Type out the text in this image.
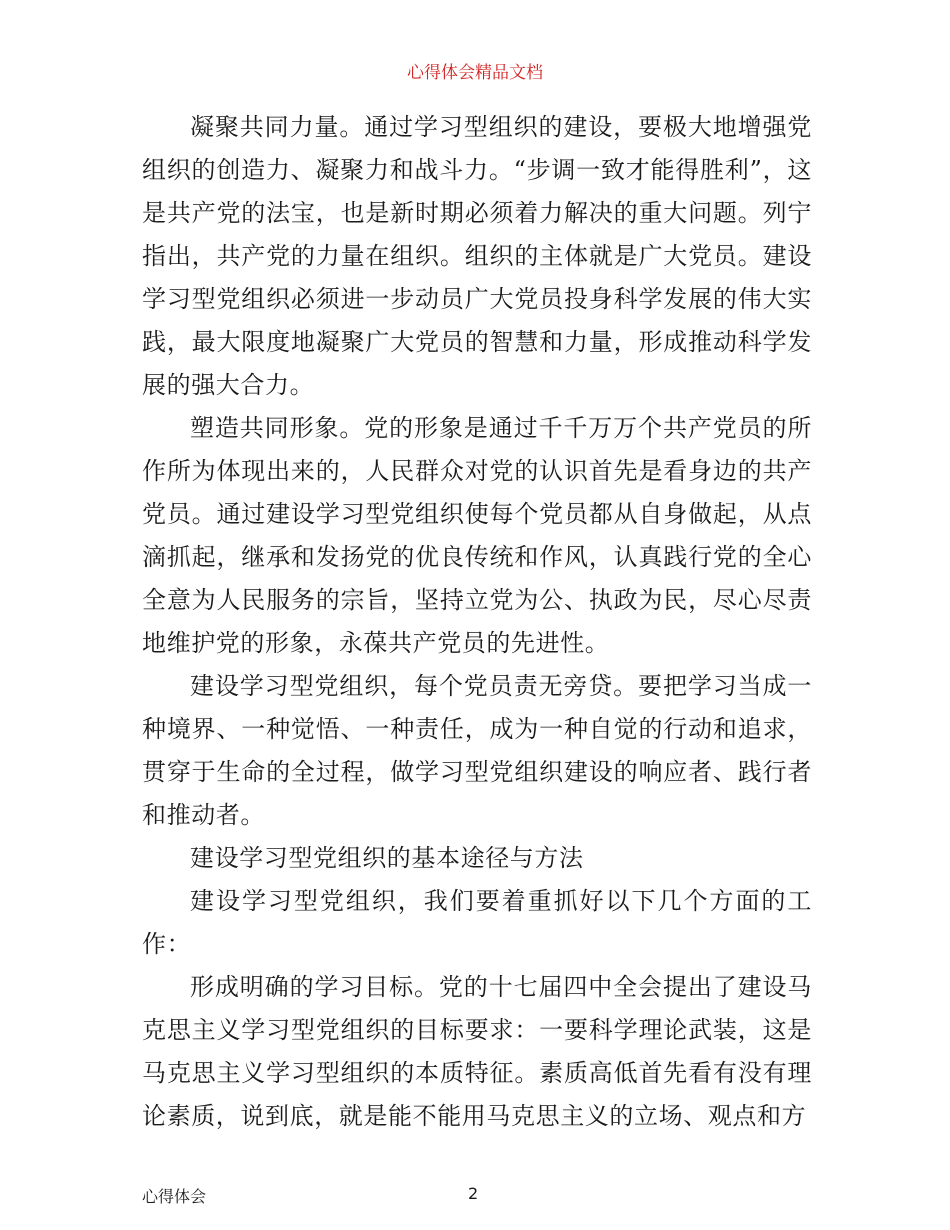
心得体会精品文档

凝聚共同力量。通过学习型组织的建设，要极大地增强党组织的创造力、凝聚力和战斗力。“步调一致才能得胜利”，这是共产党的法宝，也是新时期必须着力解决的重大问题。列宁指出，共产党的力量在组织。组织的主体就是广大党员。建设学习型党组织必须进一步动员广大党员投身科学发展的伟大实践，最大限度地凝聚广大党员的智慧和力量，形成推动科学发展的强大合力。

塑造共同形象。党的形象是通过千千万万个共产党员的所作所为体现出来的，人民群众对党的认识首先是看身边的共产党员。通过建设学习型党组织使每个党员都从自身做起，从点滴抓起，继承和发扬党的优良传统和作风，认真践行党的全心全意为人民服务的宗旨，坚持立党为公、执政为民，尽心尽责地维护党的形象，永葆共产党员的先进性。

建设学习型党组织，每个党员责无旁贷。要把学习当成一种境界、一种觉悟、一种责任，成为一种自觉的行动和追求，贯穿于生命的全过程，做学习型党组织建设的响应者、践行者和推动者。

建设学习型党组织的基本途径与方法

建设学习型党组织，我们要着重抓好以下几个方面的工作：

形成明确的学习目标。党的十七届四中全会提出了建设马克思主义学习型党组织的目标要求：一要科学理论武装，这是马克思主义学习型组织的本质特征。素质高低首先看有没有理论素质，说到底，就是能不能用马克思主义的立场、观点和方

心得体会	2
